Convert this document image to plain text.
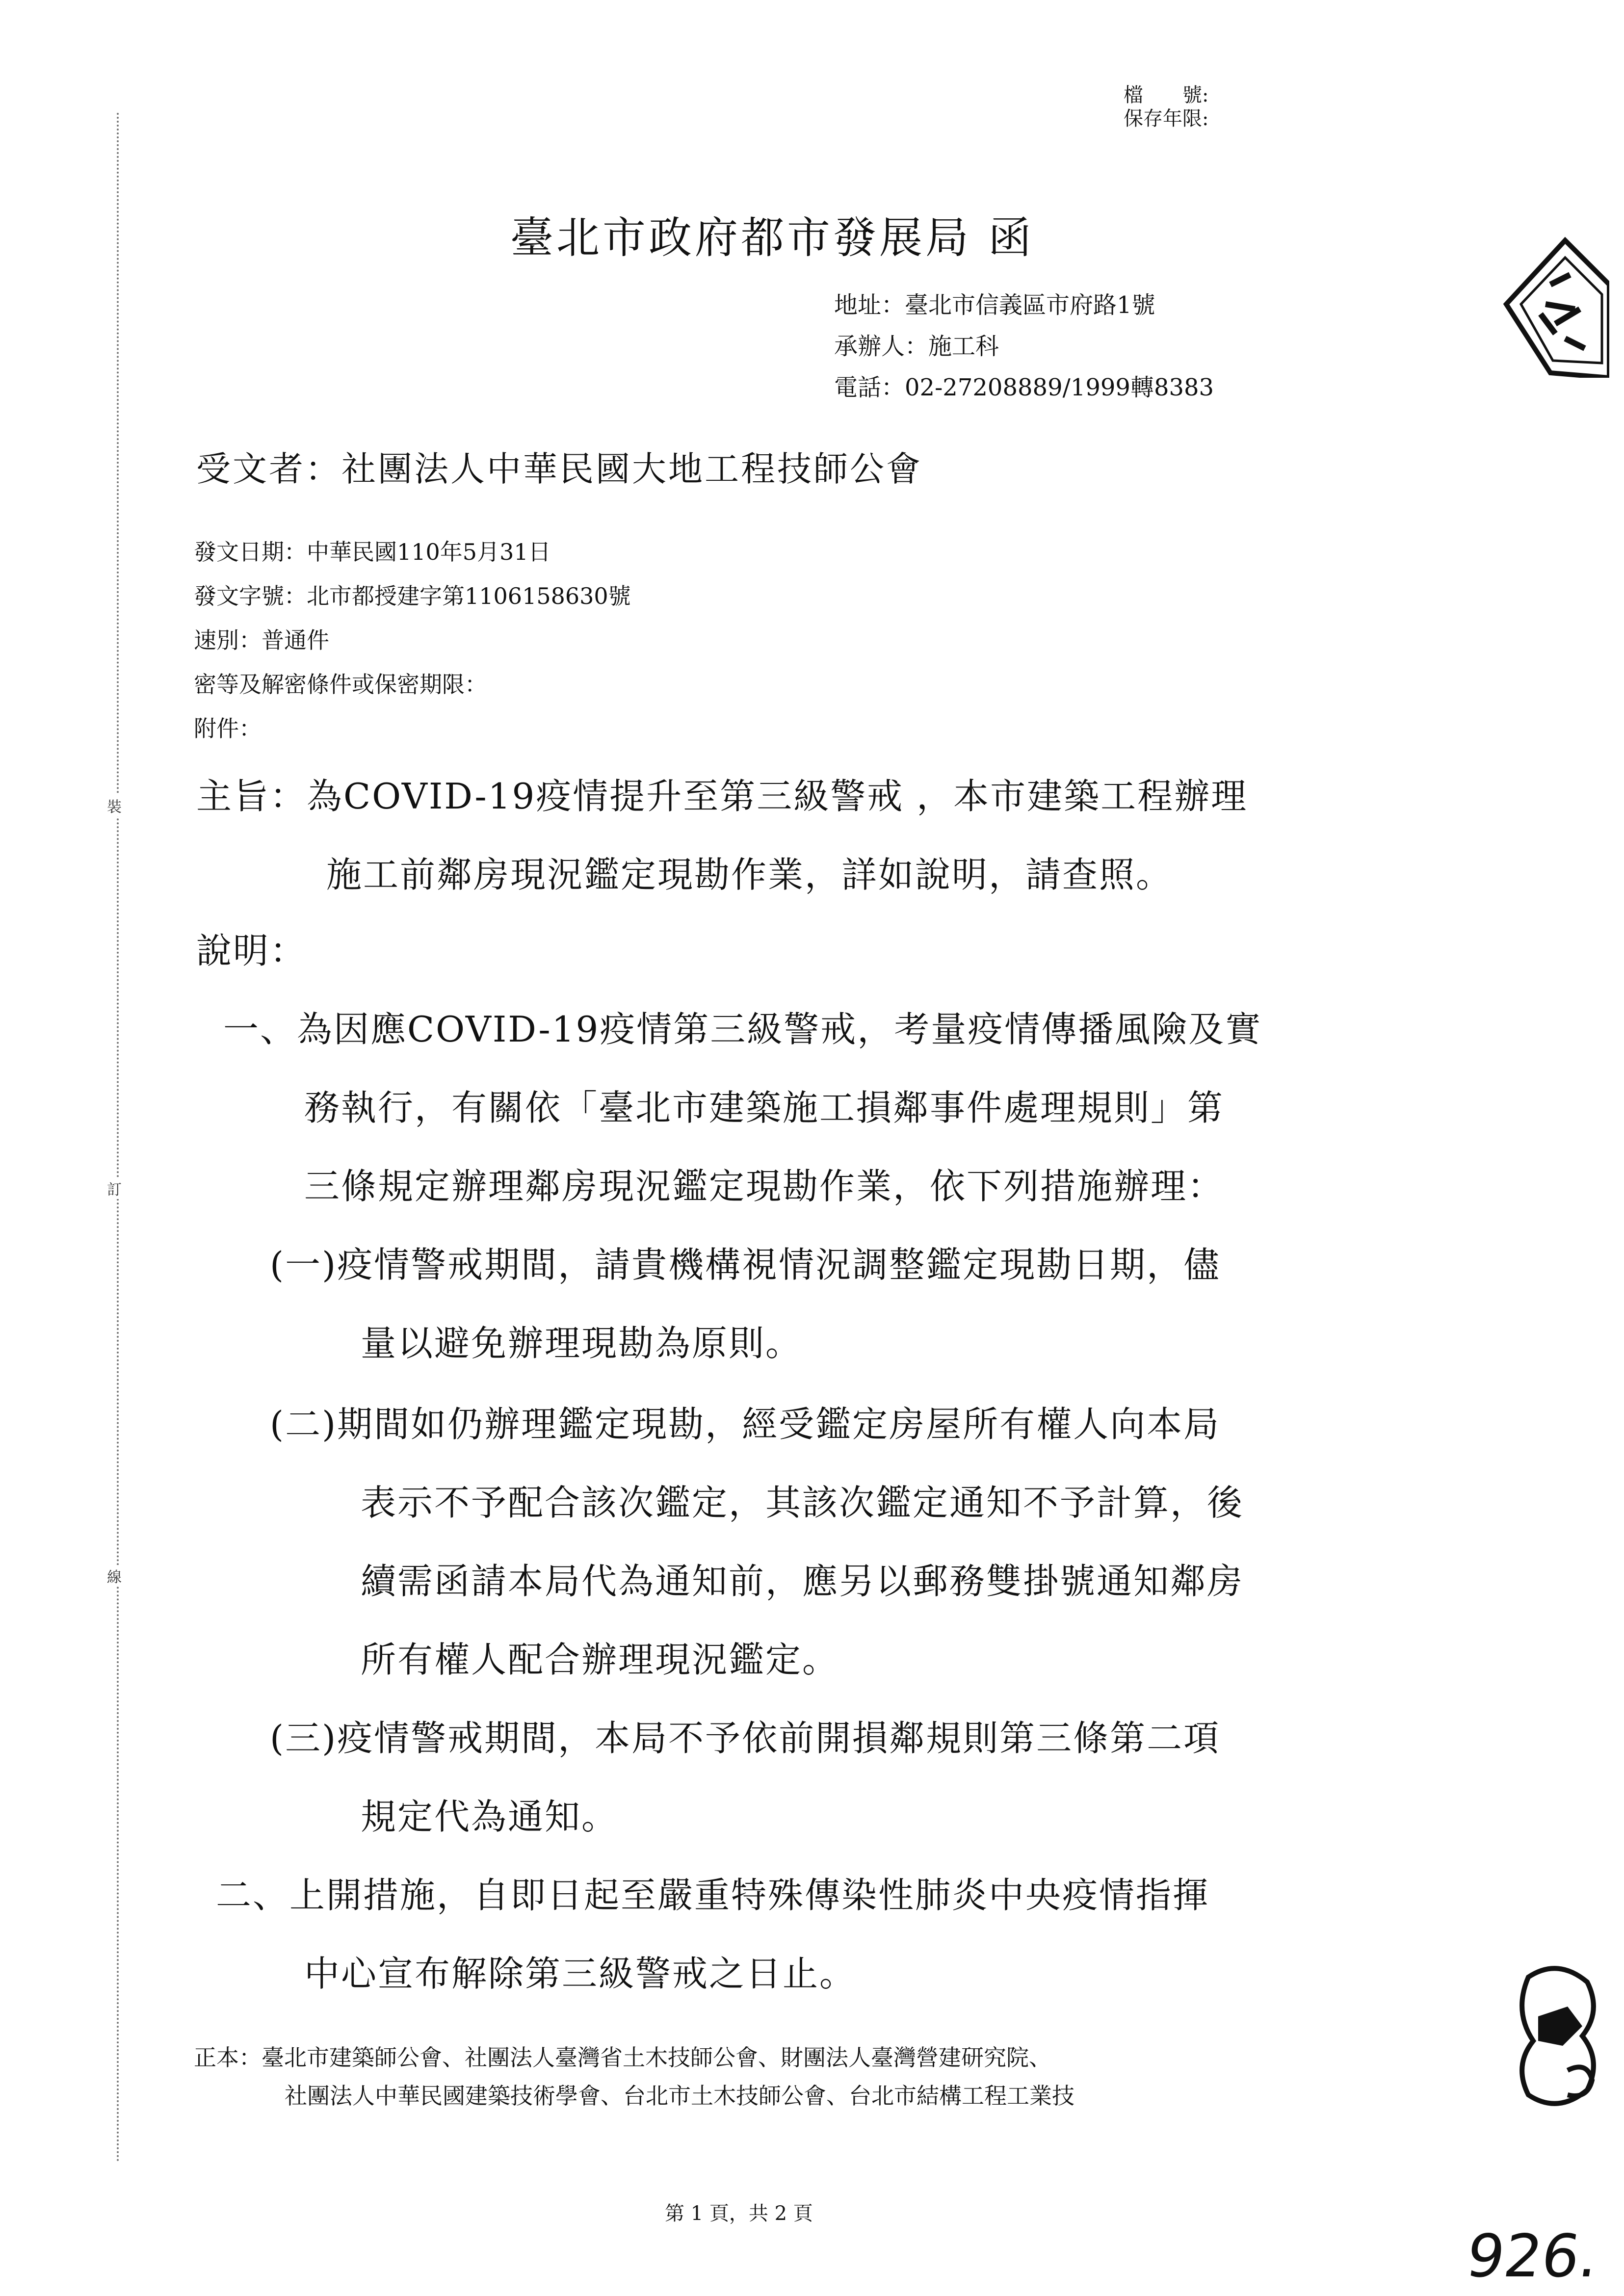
裝
訂
線
檔　　號:
保存年限:
臺北市政府都市發展局 函
地址：臺北市信義區市府路1號
承辦人：施工科
電話：02-27208889/1999轉8383
受文者：社團法人中華民國大地工程技師公會
發文日期：中華民國110年5月31日
發文字號：北市都授建字第1106158630號
速別：普通件
密等及解密條件或保密期限：
附件：
主旨：為COVID-19疫情提升至第三級警戒 ，本市建築工程辦理
施工前鄰房現況鑑定現勘作業，詳如說明，請查照。
說明：
一、為因應COVID-19疫情第三級警戒，考量疫情傳播風險及實
務執行，有關依「臺北市建築施工損鄰事件處理規則」第
三條規定辦理鄰房現況鑑定現勘作業，依下列措施辦理：
(一)疫情警戒期間，請貴機構視情況調整鑑定現勘日期，儘
量以避免辦理現勘為原則。
(二)期間如仍辦理鑑定現勘，經受鑑定房屋所有權人向本局
表示不予配合該次鑑定，其該次鑑定通知不予計算，後
續需函請本局代為通知前，應另以郵務雙掛號通知鄰房
所有權人配合辦理現況鑑定。
(三)疫情警戒期間，本局不予依前開損鄰規則第三條第二項
規定代為通知。
二、上開措施，自即日起至嚴重特殊傳染性肺炎中央疫情指揮
中心宣布解除第三級警戒之日止。
正本：臺北市建築師公會、社團法人臺灣省土木技師公會、財團法人臺灣營建研究院、
社團法人中華民國建築技術學會、台北市土木技師公會、台北市結構工程工業技
第 1 頁，共 2 頁
926.
